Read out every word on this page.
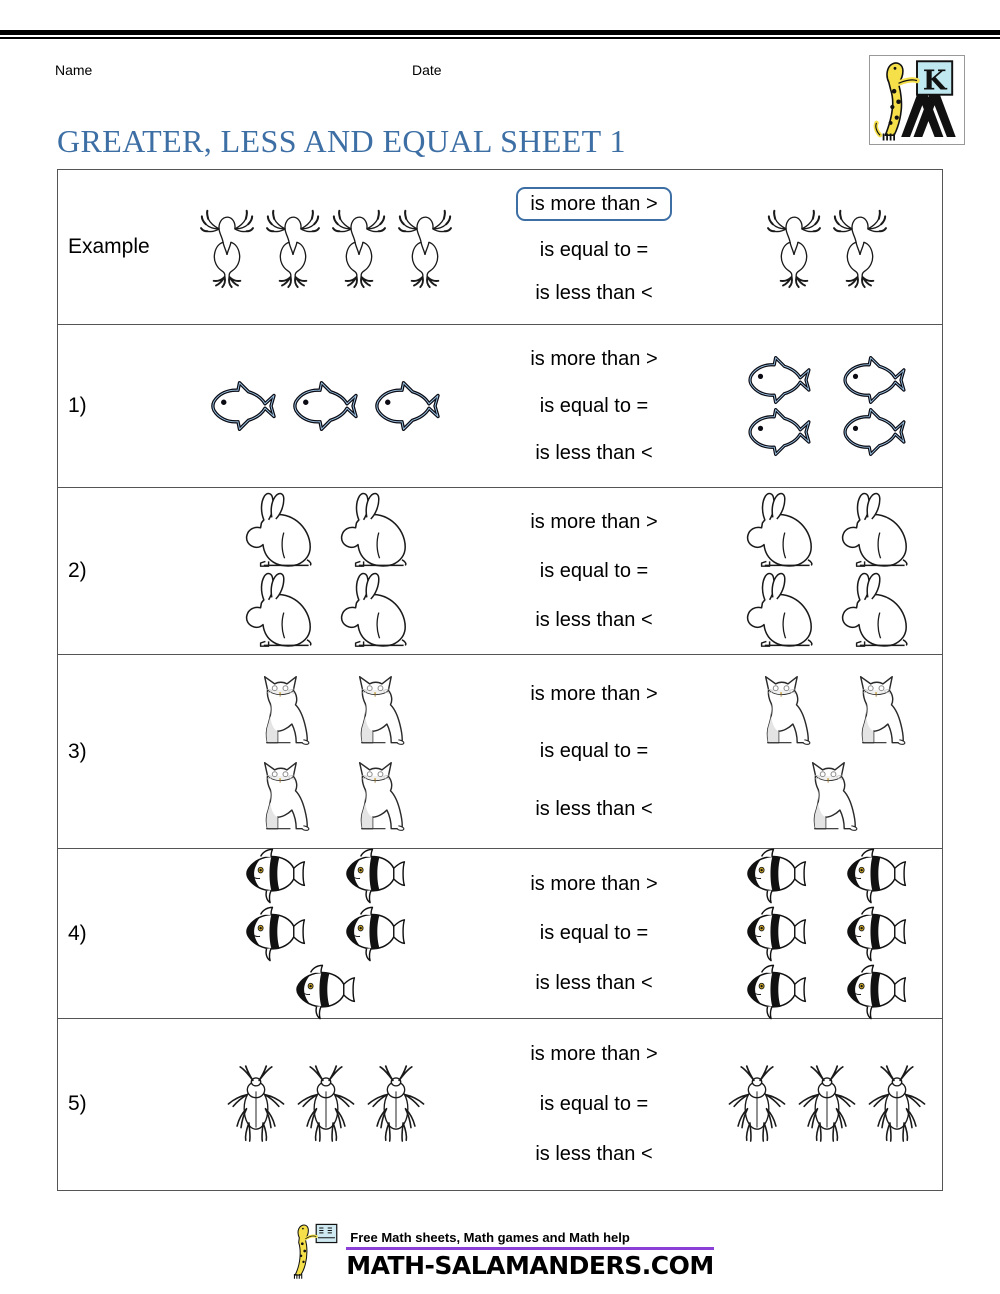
Name	Date
GREATER, LESS AND EQUAL SHEET 1
Example
is more than >
is equal to =
is less than <
1)
is more than >
is equal to =
is less than <
2)
is more than >
is equal to =
is less than <
3)
is more than >
is equal to =
is less than <
4)
is more than >
is equal to =
is less than <
5)
is more than >
is equal to =
is less than <
Free Math sheets, Math games and Math help
MATH-SALAMANDERS.COM
